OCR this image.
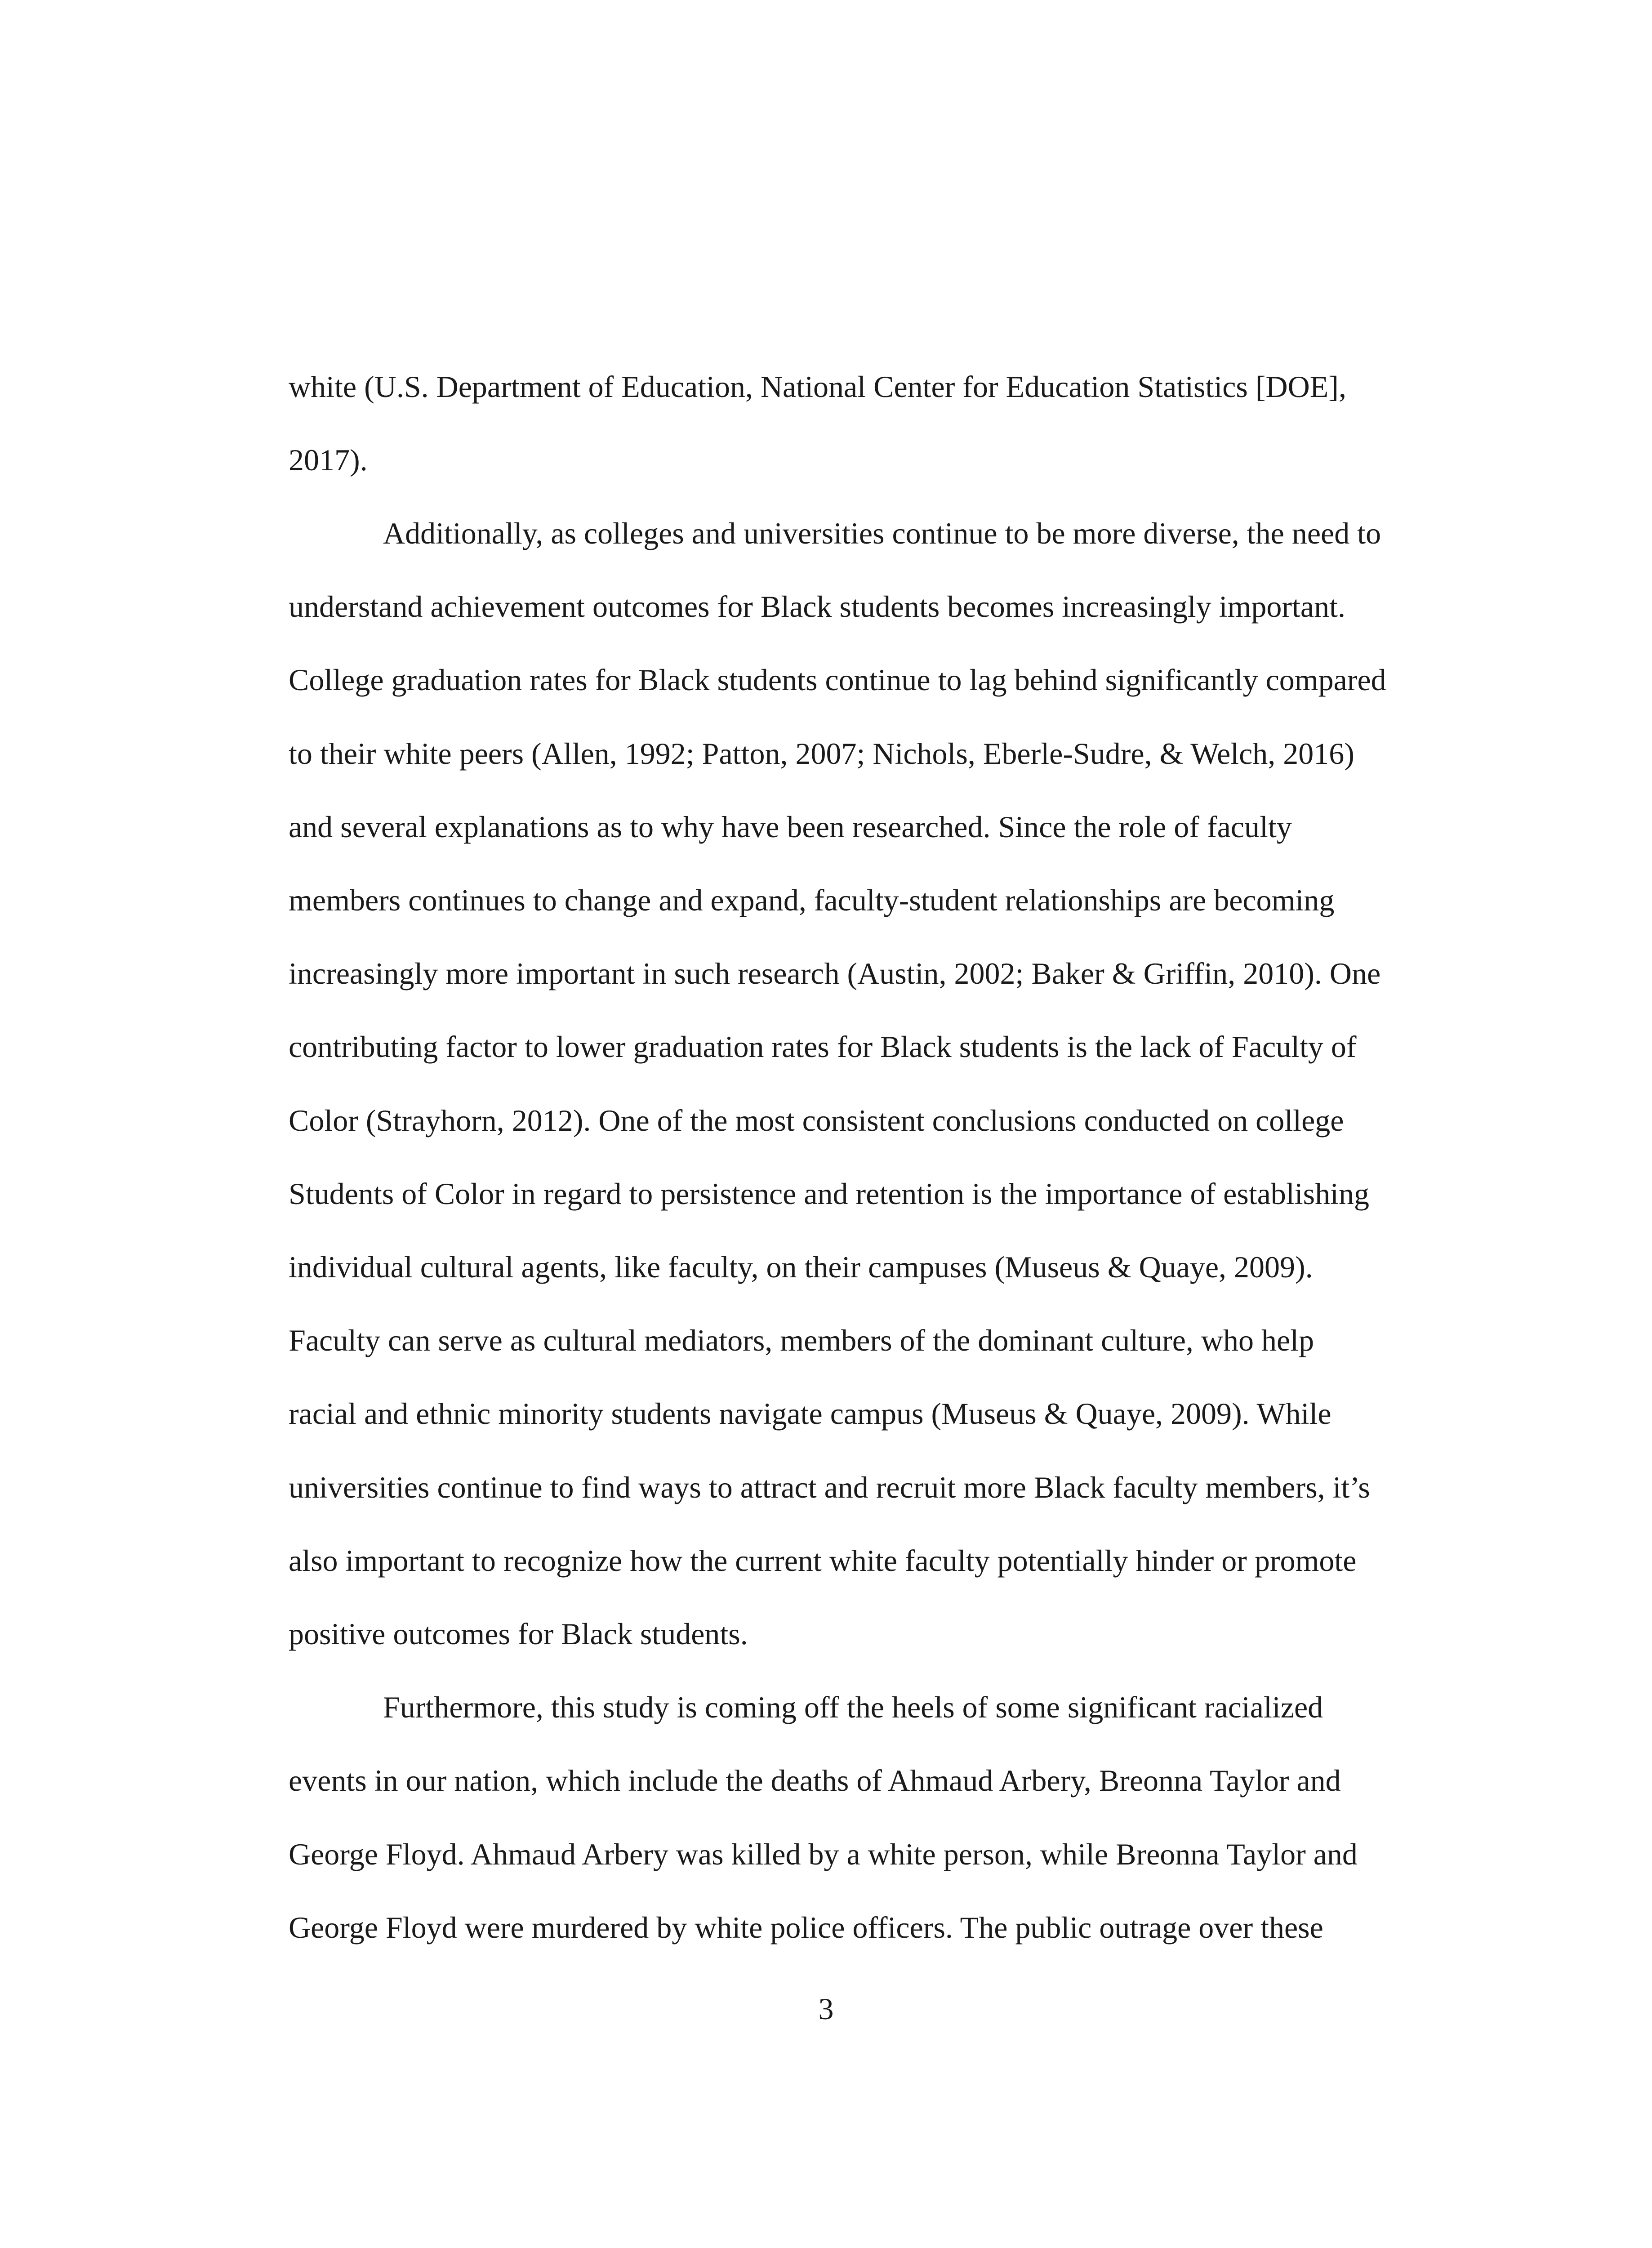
white (U.S. Department of Education, National Center for Education Statistics [DOE],

2017).

Additionally, as colleges and universities continue to be more diverse, the need to

understand achievement outcomes for Black students becomes increasingly important.

College graduation rates for Black students continue to lag behind significantly compared

to their white peers (Allen, 1992; Patton, 2007; Nichols, Eberle-Sudre, & Welch, 2016)

and several explanations as to why have been researched. Since the role of faculty

members continues to change and expand, faculty-student relationships are becoming

increasingly more important in such research (Austin, 2002; Baker & Griffin, 2010). One

contributing factor to lower graduation rates for Black students is the lack of Faculty of

Color (Strayhorn, 2012). One of the most consistent conclusions conducted on college

Students of Color in regard to persistence and retention is the importance of establishing

individual cultural agents, like faculty, on their campuses (Museus & Quaye, 2009).

Faculty can serve as cultural mediators, members of the dominant culture, who help

racial and ethnic minority students navigate campus (Museus & Quaye, 2009). While

universities continue to find ways to attract and recruit more Black faculty members, it’s

also important to recognize how the current white faculty potentially hinder or promote

positive outcomes for Black students.

Furthermore, this study is coming off the heels of some significant racialized

events in our nation, which include the deaths of Ahmaud Arbery, Breonna Taylor and

George Floyd. Ahmaud Arbery was killed by a white person, while Breonna Taylor and

George Floyd were murdered by white police officers. The public outrage over these

3
